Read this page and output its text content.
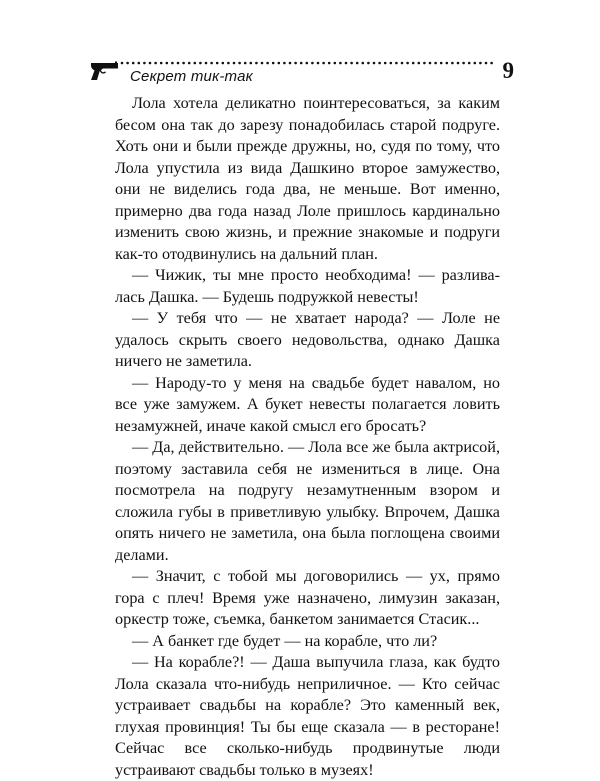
Секрет тик-так	9

Лола хотела деликатно поинтересоваться, за каким бесом она так до зарезу понадобилась старой подруге. Хоть они и были прежде дружны, но, судя по тому, что Лола упустила из вида Дашкино второе замужество, они не виделись года два, не меньше. Вот именно, примерно два года назад Лоле пришлось кардинально изменить свою жизнь, и прежние знакомые и подруги как-то отодвинулись на дальний план.

— Чижик, ты мне просто необходима! — разливалась Дашка. — Будешь подружкой невесты!

— У тебя что — не хватает народа? — Лоле не удалось скрыть своего недовольства, однако Дашка ничего не заметила.

— Народу-то у меня на свадьбе будет навалом, но все уже замужем. А букет невесты полагается ловить незамужней, иначе какой смысл его бросать?

— Да, действительно. — Лола все же была актрисой, поэтому заставила себя не измениться в лице. Она посмотрела на подругу незамутненным взором и сложила губы в приветливую улыбку. Впрочем, Дашка опять ничего не заметила, она была поглощена своими делами.

— Значит, с тобой мы договорились — ух, прямо гора с плеч! Время уже назначено, лимузин заказан, оркестр тоже, съемка, банкетом занимается Стасик...

— А банкет где будет — на корабле, что ли?

— На корабле?! — Даша выпучила глаза, как будто Лола сказала что-нибудь неприличное. — Кто сейчас устраивает свадьбы на корабле? Это каменный век, глухая провинция! Ты бы еще сказала — в ресторане! Сейчас все сколько-нибудь продвинутые люди устраивают свадьбы только в музеях!
